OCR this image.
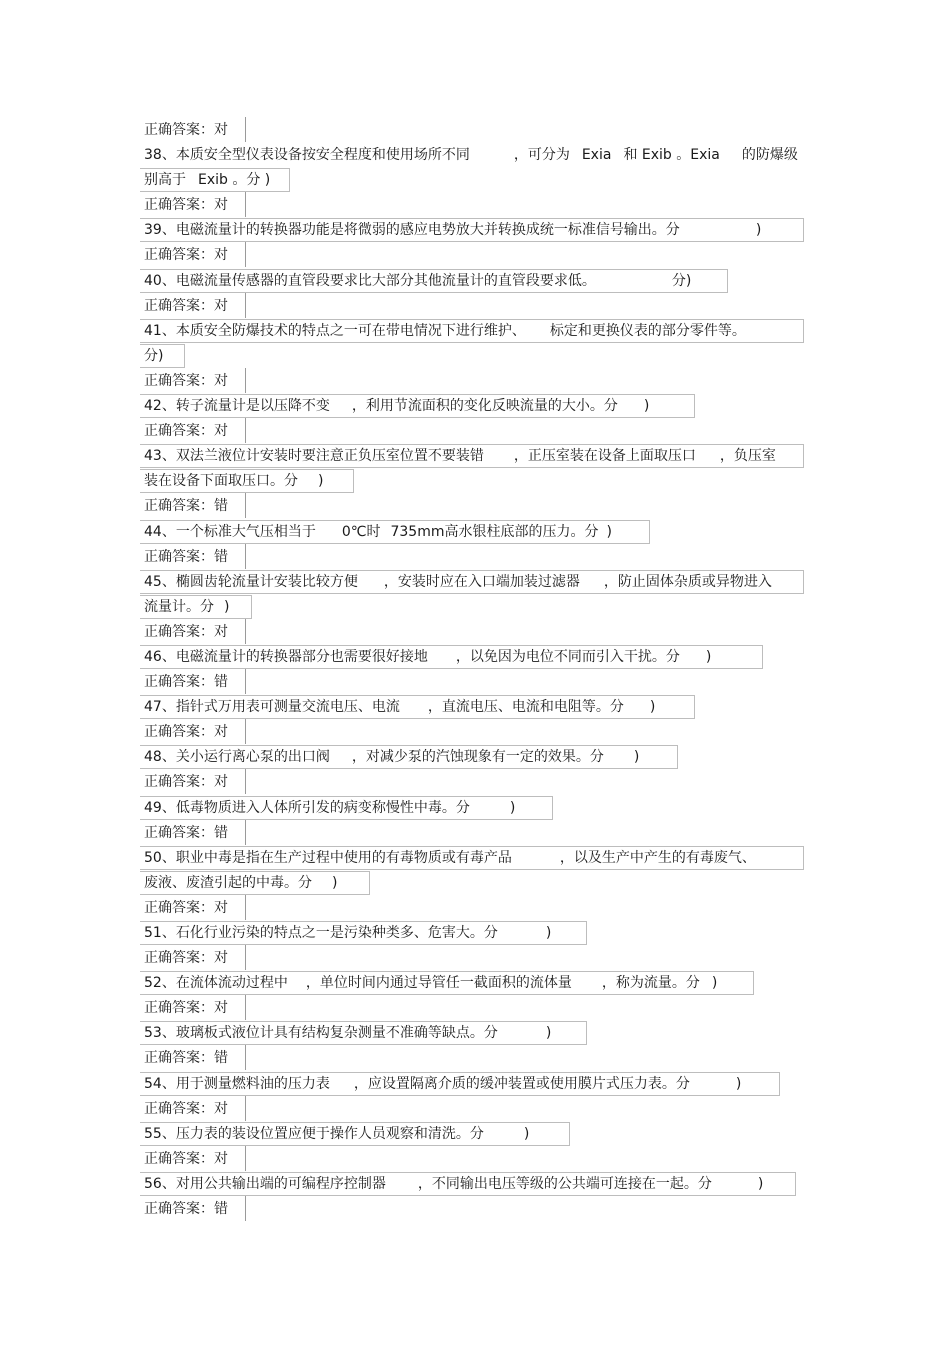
正确答案：对
38、本质安全型仪表设备按安全程度和使用场所不同	，可分为 Exia 和 Exib 。Exia 的防爆级
别高于 Exib 。分 )
正确答案：对
39、电磁流量计的转换器功能是将微弱的感应电势放大并转换成统一标准信号输出。分	)
正确答案：对
40、电磁流量传感器的直管段要求比大部分其他流量计的直管段要求低。	分)
正确答案：对
41、本质安全防爆技术的特点之一可在带电情况下进行维护、 标定和更换仪表的部分零件等。
分)
正确答案：对
42、转子流量计是以压降不变 ，利用节流面积的变化反映流量的大小。分 )
正确答案：对
43、双法兰液位计安装时要注意正负压室位置不要装错 ，正压室装在设备上面取压口 ，负压室
装在设备下面取压口。分 )
正确答案：错
44、一个标准大气压相当于 0℃时 735mm高水银柱底部的压力。分 )
正确答案：错
45、椭圆齿轮流量计安装比较方便 ，安装时应在入口端加装过滤器 ，防止固体杂质或异物进入
流量计。分 )
正确答案：对
46、电磁流量计的转换器部分也需要很好接地 ，以免因为电位不同而引入干扰。分 )
正确答案：错
47、指针式万用表可测量交流电压、电流 ，直流电压、电流和电阻等。分 )
正确答案：对
48、关小运行离心泵的出口阀 ，对减少泵的汽蚀现象有一定的效果。分 )
正确答案：对
49、低毒物质进入人体所引发的病变称慢性中毒。分	)
正确答案：错
50、职业中毒是指在生产过程中使用的有毒物质或有毒产品	，以及生产中产生的有毒废气、
废液、废渣引起的中毒。分 )
正确答案：对
51、石化行业污染的特点之一是污染种类多、危害大。分	)
正确答案：对
52、在流体流动过程中 ，单位时间内通过导管任一截面积的流体量 ，称为流量。分 )
正确答案：对
53、玻璃板式液位计具有结构复杂测量不准确等缺点。分	)
正确答案：错
54、用于测量燃料油的压力表 ，应设置隔离介质的缓冲装置或使用膜片式压力表。分	)
正确答案：对
55、压力表的装设位置应便于操作人员观察和清洗。分	)
正确答案：对
56、对用公共输出端的可编程序控制器 ，不同输出电压等级的公共端可连接在一起。分	)
正确答案：错
